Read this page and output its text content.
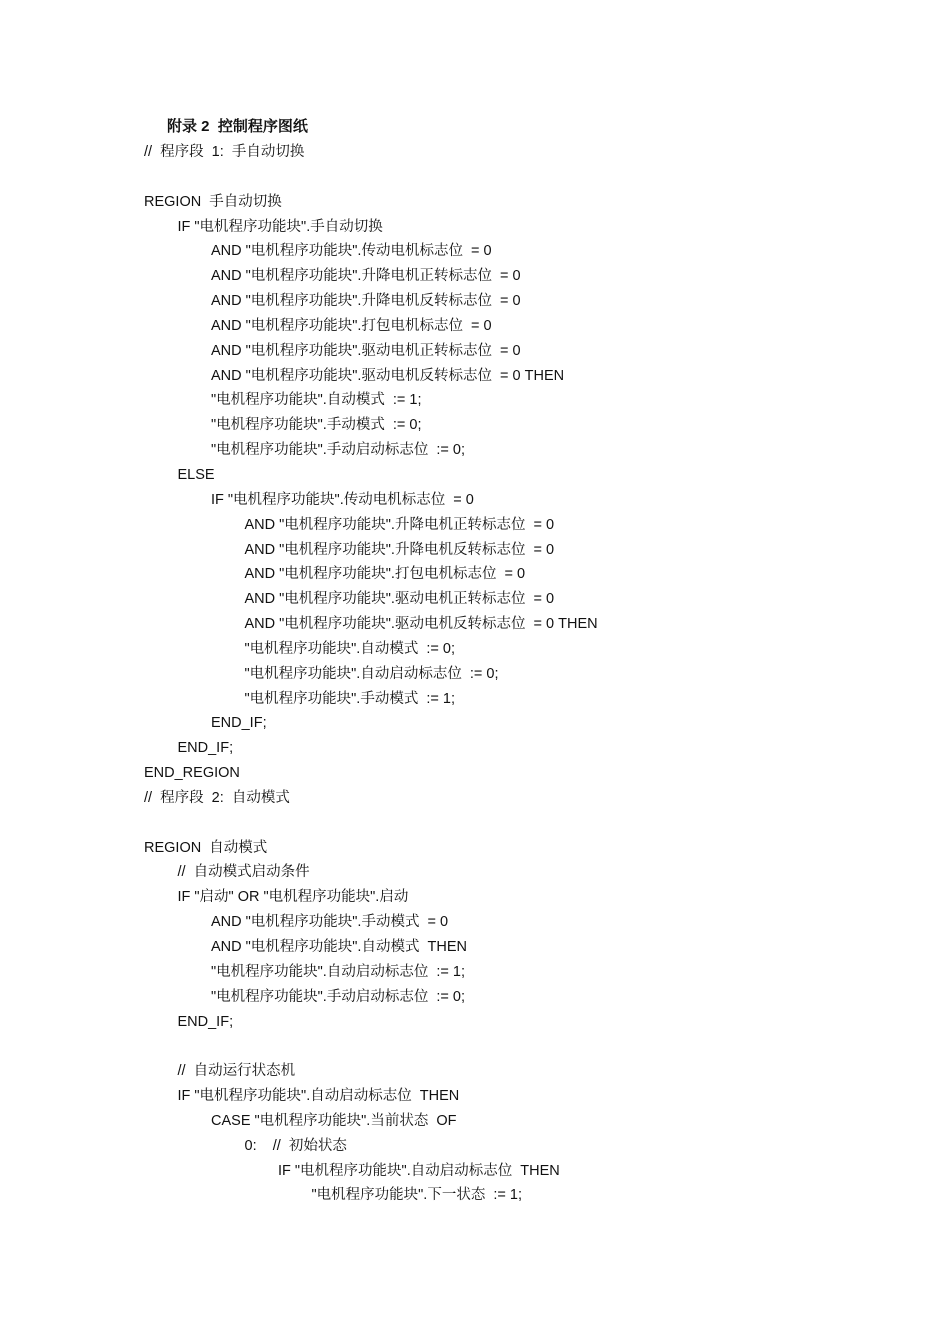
附录 2  控制程序图纸
//  程序段  1:  手自动切换
REGION  手自动切换
IF "电机程序功能块".手自动切换
AND "电机程序功能块".传动电机标志位  = 0
AND "电机程序功能块".升降电机正转标志位  = 0
AND "电机程序功能块".升降电机反转标志位  = 0
AND "电机程序功能块".打包电机标志位  = 0
AND "电机程序功能块".驱动电机正转标志位  = 0
AND "电机程序功能块".驱动电机反转标志位  = 0 THEN
"电机程序功能块".自动模式  := 1;
"电机程序功能块".手动模式  := 0;
"电机程序功能块".手动启动标志位  := 0;
ELSE
IF "电机程序功能块".传动电机标志位  = 0
AND "电机程序功能块".升降电机正转标志位  = 0
AND "电机程序功能块".升降电机反转标志位  = 0
AND "电机程序功能块".打包电机标志位  = 0
AND "电机程序功能块".驱动电机正转标志位  = 0
AND "电机程序功能块".驱动电机反转标志位  = 0 THEN
"电机程序功能块".自动模式  := 0;
"电机程序功能块".自动启动标志位  := 0;
"电机程序功能块".手动模式  := 1;
END_IF;
END_IF;
END_REGION
//  程序段  2:  自动模式
REGION  自动模式
//  自动模式启动条件
IF "启动" OR "电机程序功能块".启动
AND "电机程序功能块".手动模式  = 0
AND "电机程序功能块".自动模式  THEN
"电机程序功能块".自动启动标志位  := 1;
"电机程序功能块".手动启动标志位  := 0;
END_IF;
//  自动运行状态机
IF "电机程序功能块".自动启动标志位  THEN
CASE "电机程序功能块".当前状态  OF
0:    //  初始状态
IF "电机程序功能块".自动启动标志位  THEN
"电机程序功能块".下一状态  := 1;
